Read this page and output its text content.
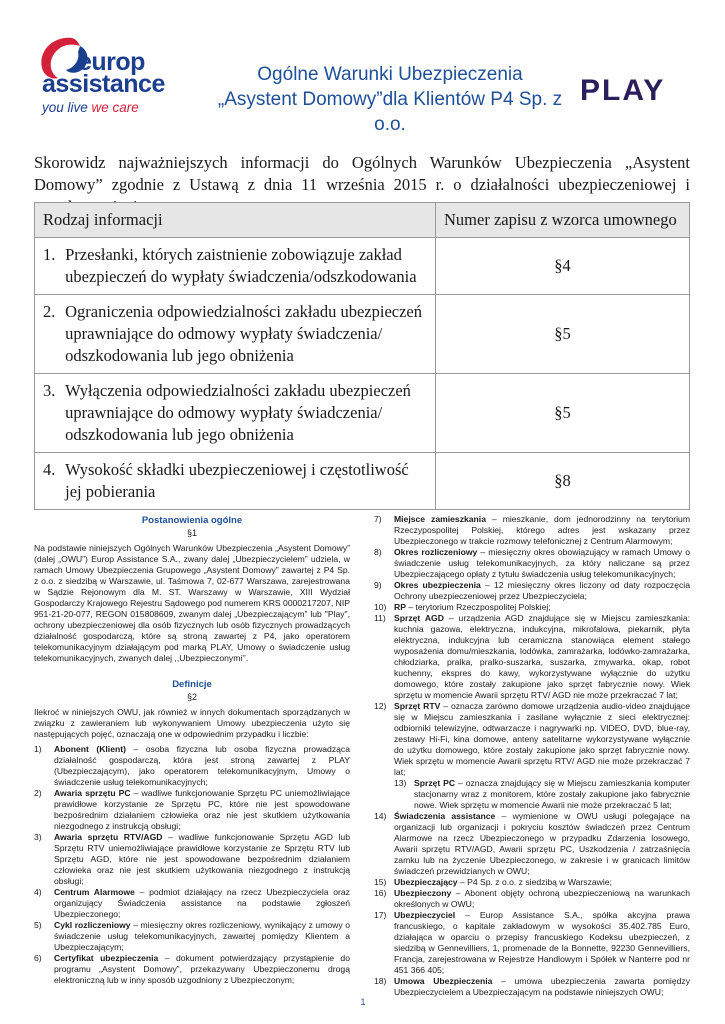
europ
assistance
you live we care
Ogólne Warunki Ubezpieczenia
„Asystent Domowy”dla Klientów P4 Sp. z o.o.
PLAY
Skorowidz najważniejszych informacji do Ogólnych Warunków Ubezpieczenia „Asystent Domowy” zgodnie z Ustawą z dnia 11 września 2015 r. o działalności ubezpieczeniowej i
Rodzaj informacji	Numer zapisu z wzorca umownego

1.
Przesłanki, których zaistnienie zobowiązuje zakład ubezpieczeń do wypłaty świadczenia/odszkodowania	§4

2.
Ograniczenia odpowiedzialności zakładu ubezpieczeń uprawniające do odmowy wypłaty świadczenia/ odszkodowania lub jego obniżenia	§5

3.
Wyłączenia odpowiedzialności zakładu ubezpieczeń uprawniające do odmowy wypłaty świadczenia/ odszkodowania lub jego obniżenia	§5

4.
Wysokość składki ubezpieczeniowej i częstotliwość jej pobierania	§8
Postanowienia ogólne
§1

Na podstawie niniejszych Ogólnych Warunków Ubezpieczenia „Asystent Domowy” (dalej „OWU”) Europ Assistance S.A., zwany dalej „Ubezpieczycielem” udziela, w ramach Umowy Ubezpieczenia Grupowego „Asystent Domowy” zawartej z P4 Sp. z o.o. z siedzibą w Warszawie, ul. Taśmowa 7, 02-677 Warszawa, zarejestrowana w Sądzie Rejonowym dla M. ST. Warszawy w Warszawie, XIII Wydział Gospodarczy Krajowego Rejestru Sądowego pod numerem KRS 0000217207, NIP 951-21-20-077, REGON 015808609, zwanym dalej „Ubezpieczającym” lub "Play", ochrony ubezpieczeniowej dla osób fizycznych lub osób fizycznych prowadzących działalność gospodarczą, które są stroną zawartej z P4, jako operatorem telekomunikacyjnym działającym pod marką PLAY, Umowy o świadczenie usług telekomunikacyjnych, zwanych dalej ,,Ubezpieczonymi’’.

Definicje
§2

Ilekroć w niniejszych OWU, jak również w innych dokumentach sporządzanych w związku z zawieraniem lub wykonywaniem Umowy ubezpieczenia użyto się następujących pojęć, oznaczają one w odpowiednim przypadku i liczbie:

1)	Abonent (Klient) – osoba fizyczna lub osoba fizyczna prowadząca działalność gospodarczą, która jest stroną zawartej z PLAY (Ubezpieczającym), jako operatorem telekomunikacyjnym, Umowy o świadczenie usług telekomunikacyjnych;
2)	Awaria sprzętu PC – wadliwe funkcjonowanie Sprzętu PC uniemożliwiające prawidłowe korzystanie ze Sprzętu PC, które nie jest spowodowane bezpośrednim działaniem człowieka oraz nie jest skutkiem użytkowania niezgodnego z instrukcją obsługi;
3)	Awaria sprzętu RTV/AGD – wadliwe funkcjonowanie Sprzętu AGD lub Sprzętu RTV uniemożliwiające prawidłowe korzystanie ze Sprzętu RTV lub Sprzętu AGD, które nie jest spowodowane bezpośrednim działaniem człowieka oraz nie jest skutkiem użytkowania niezgodnego z instrukcją obsługi;
4)	Centrum Alarmowe – podmiot działający na rzecz Ubezpieczyciela oraz organizujący Świadczenia assistance na podstawie zgłoszeń Ubezpieczonego;
5)	Cykl rozliczeniowy – miesięczny okres rozliczeniowy, wynikający z umowy o świadczenie usług telekomunikacyjnych, zawartej pomiędzy Klientem a Ubezpieczającym;
6)	Certyfikat ubezpieczenia – dokument potwierdzający przystąpienie do programu „Asystent Domowy”, przekazywany Ubezpieczonemu drogą elektroniczną lub w inny sposób uzgodniony z Ubezpieczonym;
7)	Miejsce zamieszkania – mieszkanie, dom jednorodzinny na terytorium Rzeczypospolitej Polskiej, którego adres jest wskazany przez Ubezpieczonego w trakcie rozmowy telefonicznej z Centrum Alarmowym;
8)	Okres rozliczeniowy – miesięczny okres obowiązujący w ramach Umowy o świadczenie usług telekomunikacyjnych, za który naliczane są przez Ubezpieczającego opłaty z tytułu świadczenia usług telekomunikacyjnych;
9)	Okres ubezpieczenia – 12 miesięczny okres liczony od daty rozpoczęcia Ochrony ubezpieczeniowej przez Ubezpieczyciela;
10) RP – terytorium Rzeczpospolitej Polskiej;
11) Sprzęt AGD – urządzenia AGD znajdujące się w Miejscu zamieszkania: kuchnia gazowa, elektryczna, indukcyjna, mikrofalowa, piekarnik, płyta elektryczna, indukcyjna lub ceramiczna stanowiąca element stałego wyposażenia domu/mieszkania, lodówka, zamrażarka, lodówko-zamrażarka, chłodziarka, pralka, pralko-suszarka, suszarka, zmywarka, okap, robot kuchenny, ekspres do kawy, wykorzystywane wyłącznie do użytku domowego, które zostały zakupione jako sprzęt fabrycznie nowy. Wiek sprzętu w momencie Awarii sprzętu RTV/ AGD nie może przekraczać 7 lat;
12) Sprzęt RTV – oznacza zarówno domowe urządzenia audio-video znajdujące się w Miejscu zamieszkania i zasilane wyłącznie z sieci elektrycznej: odbiorniki telewizyjne, odtwarzacze i nagrywarki np. VIDEO, DVD, blue-ray, zestawy Hi-Fi, kina domowe, anteny satelitarne wykorzystywane wyłącznie do użytku domowego, które zostały zakupione jako sprzęt fabrycznie nowy. Wiek sprzętu w momencie Awarii sprzętu RTV/ AGD nie może przekraczać 7 lat;
13) Sprzęt PC – oznacza znajdujący się w Miejscu zamieszkania komputer stacjonarny wraz z monitorem, które zostały zakupione jako fabrycznie nowe. Wiek sprzętu w momencie Awarii nie może przekraczać 5 lat;
14) Świadczenia assistance – wymienione w OWU usługi polegające na organizacji lub organizacji i pokryciu kosztów świadczeń przez Centrum Alarmowe na rzecz Ubezpieczonego w przypadku Zdarzenia losowego, Awarii sprzętu RTV/AGD, Awarii sprzętu PC, Uszkodzenia / zatrzaśnięcia zamku lub na życzenie Ubezpieczonego, w zakresie i w granicach limitów świadczeń przewidzianych w OWU;
15) Ubezpieczający – P4 Sp. z o.o. z siedzibą w Warszawie;
16) Ubezpieczony – Abonent objęty ochroną ubezpieczeniową na warunkach określonych w OWU;
17) Ubezpieczyciel – Europ Assistance S.A., spółka akcyjna prawa francuskiego, o kapitale zakładowym w wysokości 35.402.785 Euro, działająca w oparciu o przepisy francuskiego Kodeksu ubezpieczeń, z siedzibą w Gennevilliers, 1, promenade de la Bonnette, 92230 Gennevilliers, Francja, zarejestrowana w Rejestrze Handlowym i Spółek w Nanterre pod nr 451 366 405;
18) Umowa Ubezpieczenia – umowa ubezpieczenia zawarta pomiędzy Ubezpieczycielem a Ubezpieczającym na podstawie niniejszych OWU;
1
